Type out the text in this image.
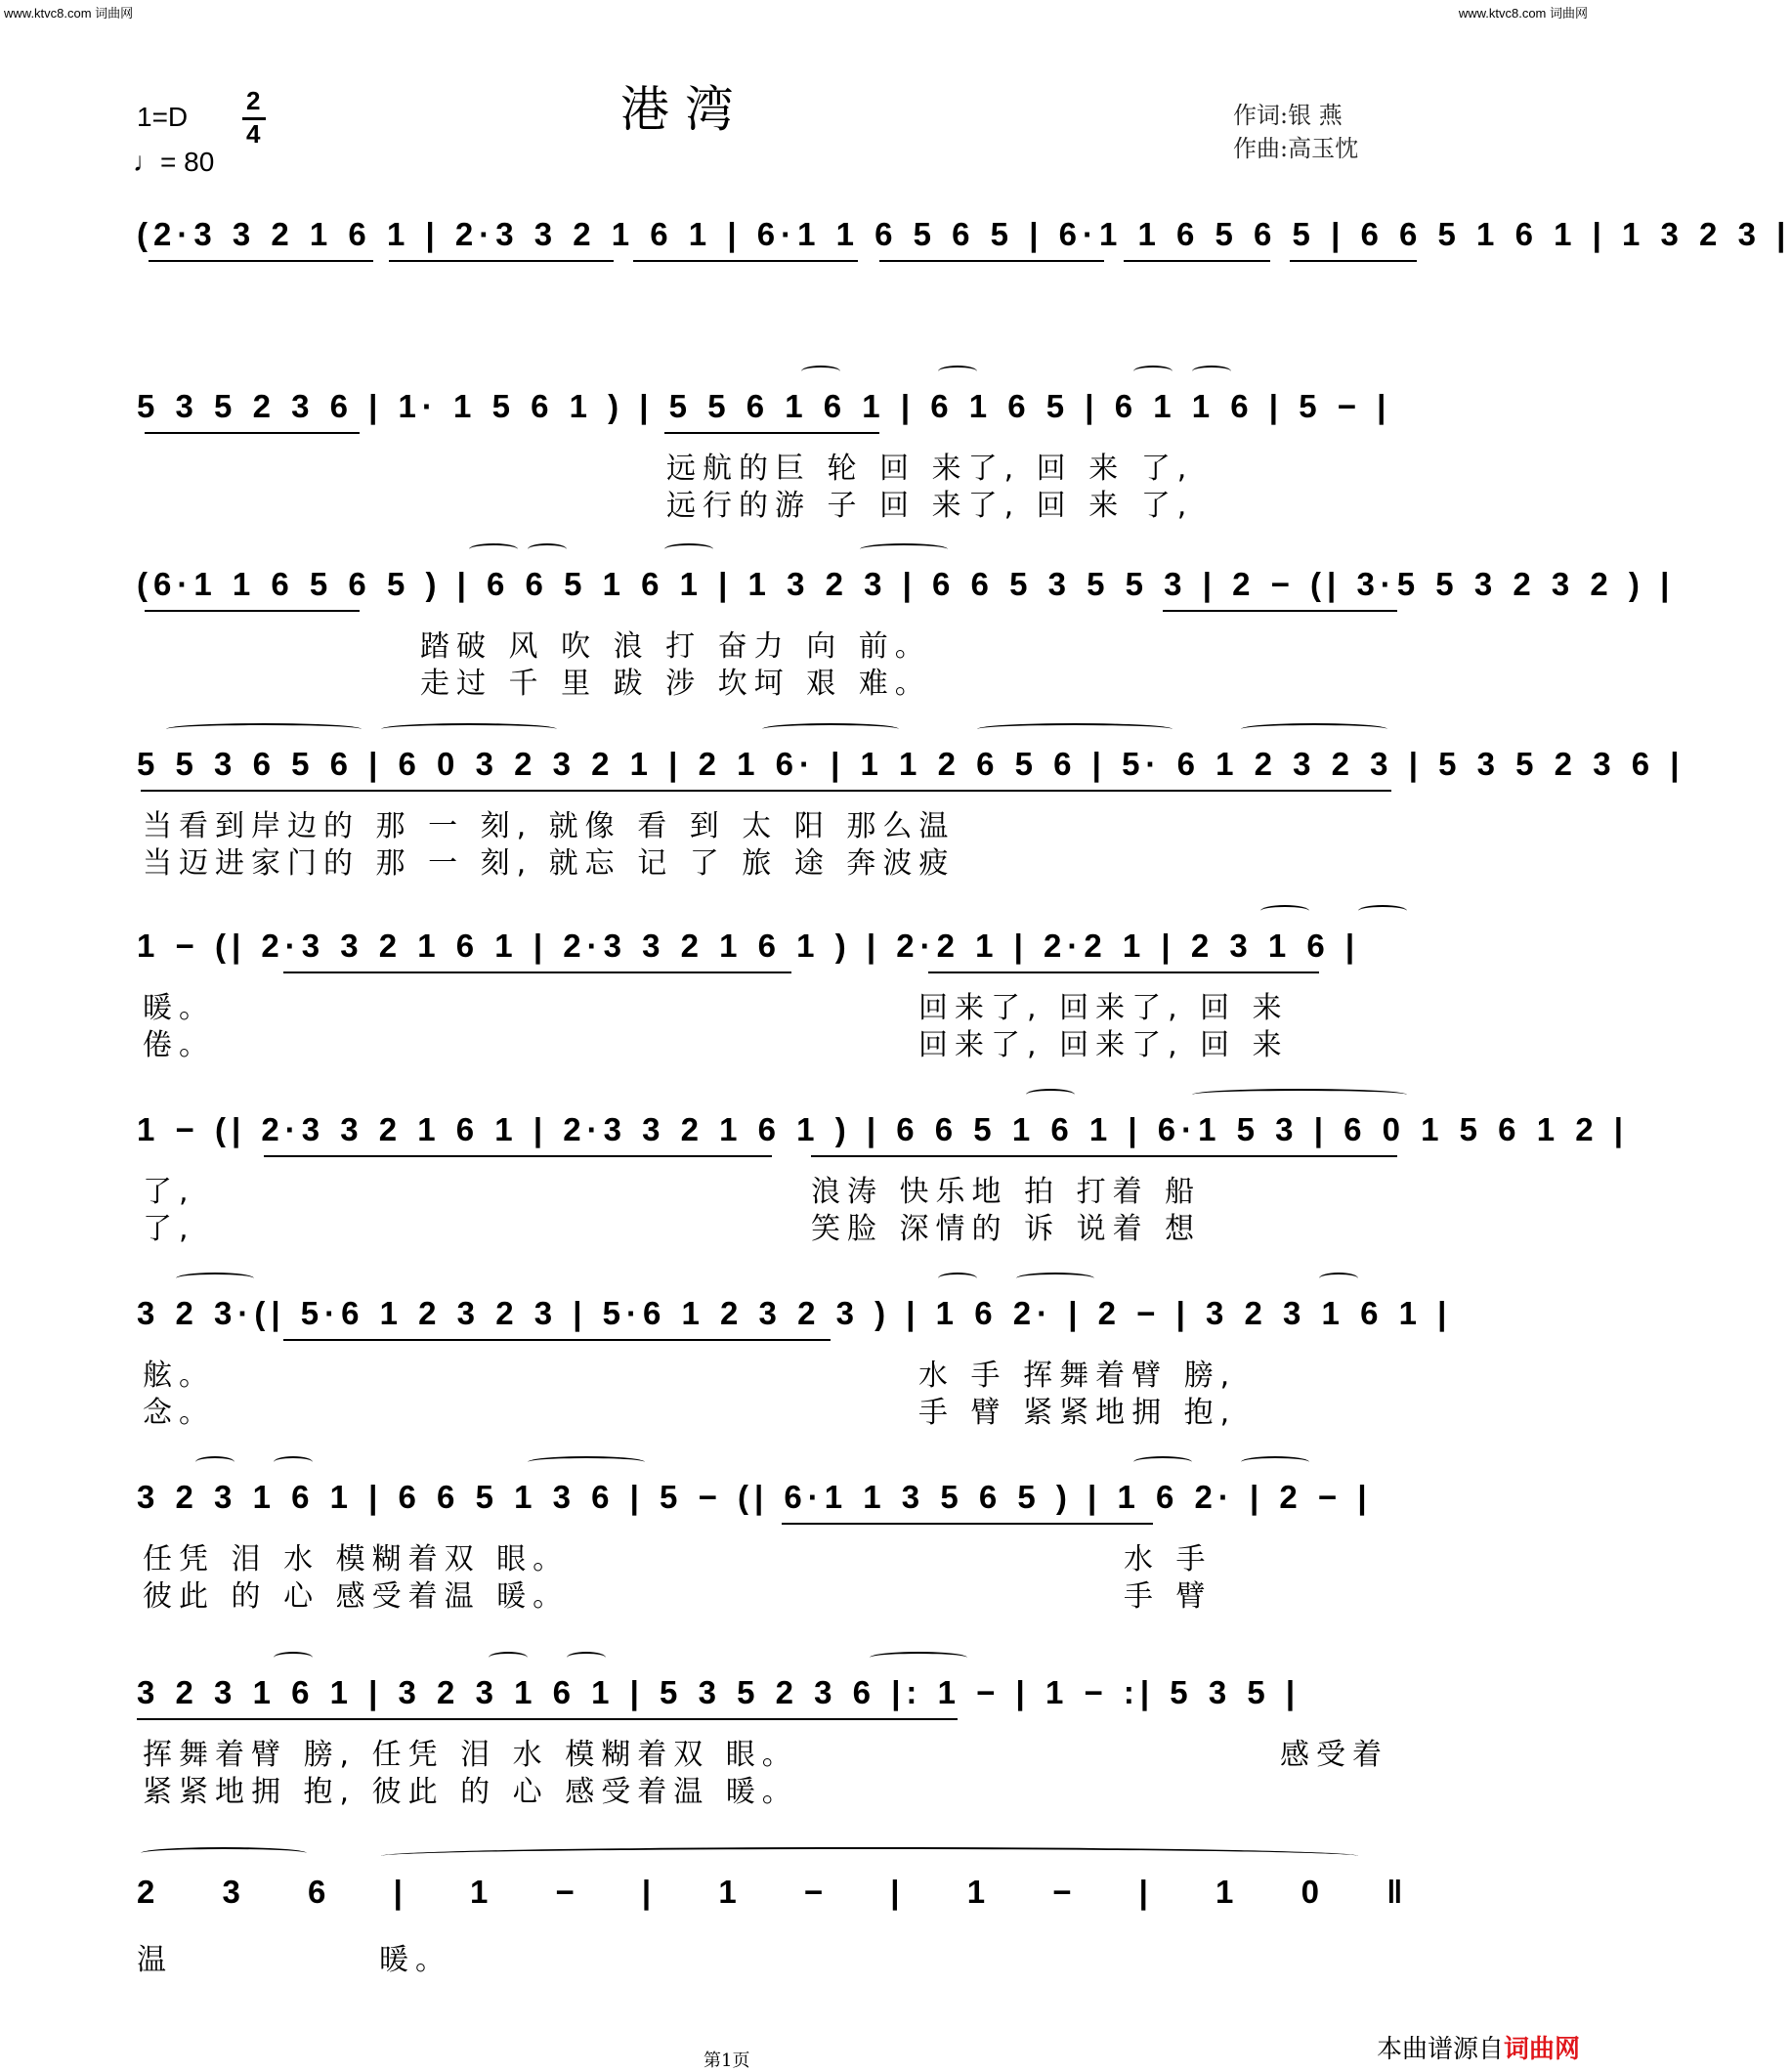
www.ktvc8.com 词曲网	www.ktvc8.com 词曲网
1=D
2
4
♩= 80
港 湾	作词:银 燕
作曲:高玉忱
(2·3 3 2 1 6 1 | 2·3 3 2 1 6 1 | 6·1 1 6 5 6 5 | 6·1 1 6 5 6 5 | 6 6 5 1 6 1 | 1 3 2 3 |
5 3 5 2 3 6 | 1· 1 5 6 1 ) | 5 5 6 1 6 1 | 6 1 6 5 | 6 1 1 6 | 5 − |
远航的巨 轮 回 来了, 回 来 了,
远行的游 子 回 来了, 回 来 了,
(6·1 1 6 5 6 5 ) | 6 6 5 1 6 1 | 1 3 2 3 | 6 6 5 3 5 5 3 | 2 − (| 3·5 5 3 2 3 2 ) |
踏破 风 吹 浪 打 奋力 向 前。
走过 千 里 跋 涉 坎坷 艰 难。
5 5 3 6 5 6 | 6 0 3 2 3 2 1 | 2 1 6· | 1 1 2 6 5 6 | 5· 6 1 2 3 2 3 | 5 3 5 2 3 6 |
当看到岸边的 那 一 刻, 就像 看 到 太 阳 那么温
当迈进家门的 那 一 刻, 就忘 记 了 旅 途 奔波疲
1 − (| 2·3 3 2 1 6 1 | 2·3 3 2 1 6 1 ) | 2·2 1 | 2·2 1 | 2 3 1 6 |
暖。	回来了, 回来了, 回 来
倦。	回来了, 回来了, 回 来
1 − (| 2·3 3 2 1 6 1 | 2·3 3 2 1 6 1 ) | 6 6 5 1 6 1 | 6·1 5 3 | 6 0 1 5 6 1 2 |
了,	浪涛 快乐地 拍 打着 船
了,	笑脸 深情的 诉 说着 想
3 2 3·(| 5·6 1 2 3 2 3 | 5·6 1 2 3 2 3 ) | 1 6 2· | 2 − | 3 2 3 1 6 1 |
舷。	水 手 挥舞着臂 膀,
念。	手 臂 紧紧地拥 抱,
3 2 3 1 6 1 | 6 6 5 1 3 6 | 5 − (| 6·1 1 3 5 6 5 ) | 1 6 2· | 2 − |
任凭 泪 水 模糊着双 眼。	水 手
彼此 的 心 感受着温 暖。	手 臂
3 2 3 1 6 1 | 3 2 3 1 6 1 | 5 3 5 2 3 6 |: 1 − | 1 − :| 5 3 5 |
挥舞着臂 膀, 任凭 泪 水 模糊着双 眼。	感受着
紧紧地拥 抱, 彼此 的 心 感受着温 暖。
2 3 6 | 1 − | 1 − | 1 − | 1 0 ‖
温	暖。
第1页	本曲谱源自词曲网
